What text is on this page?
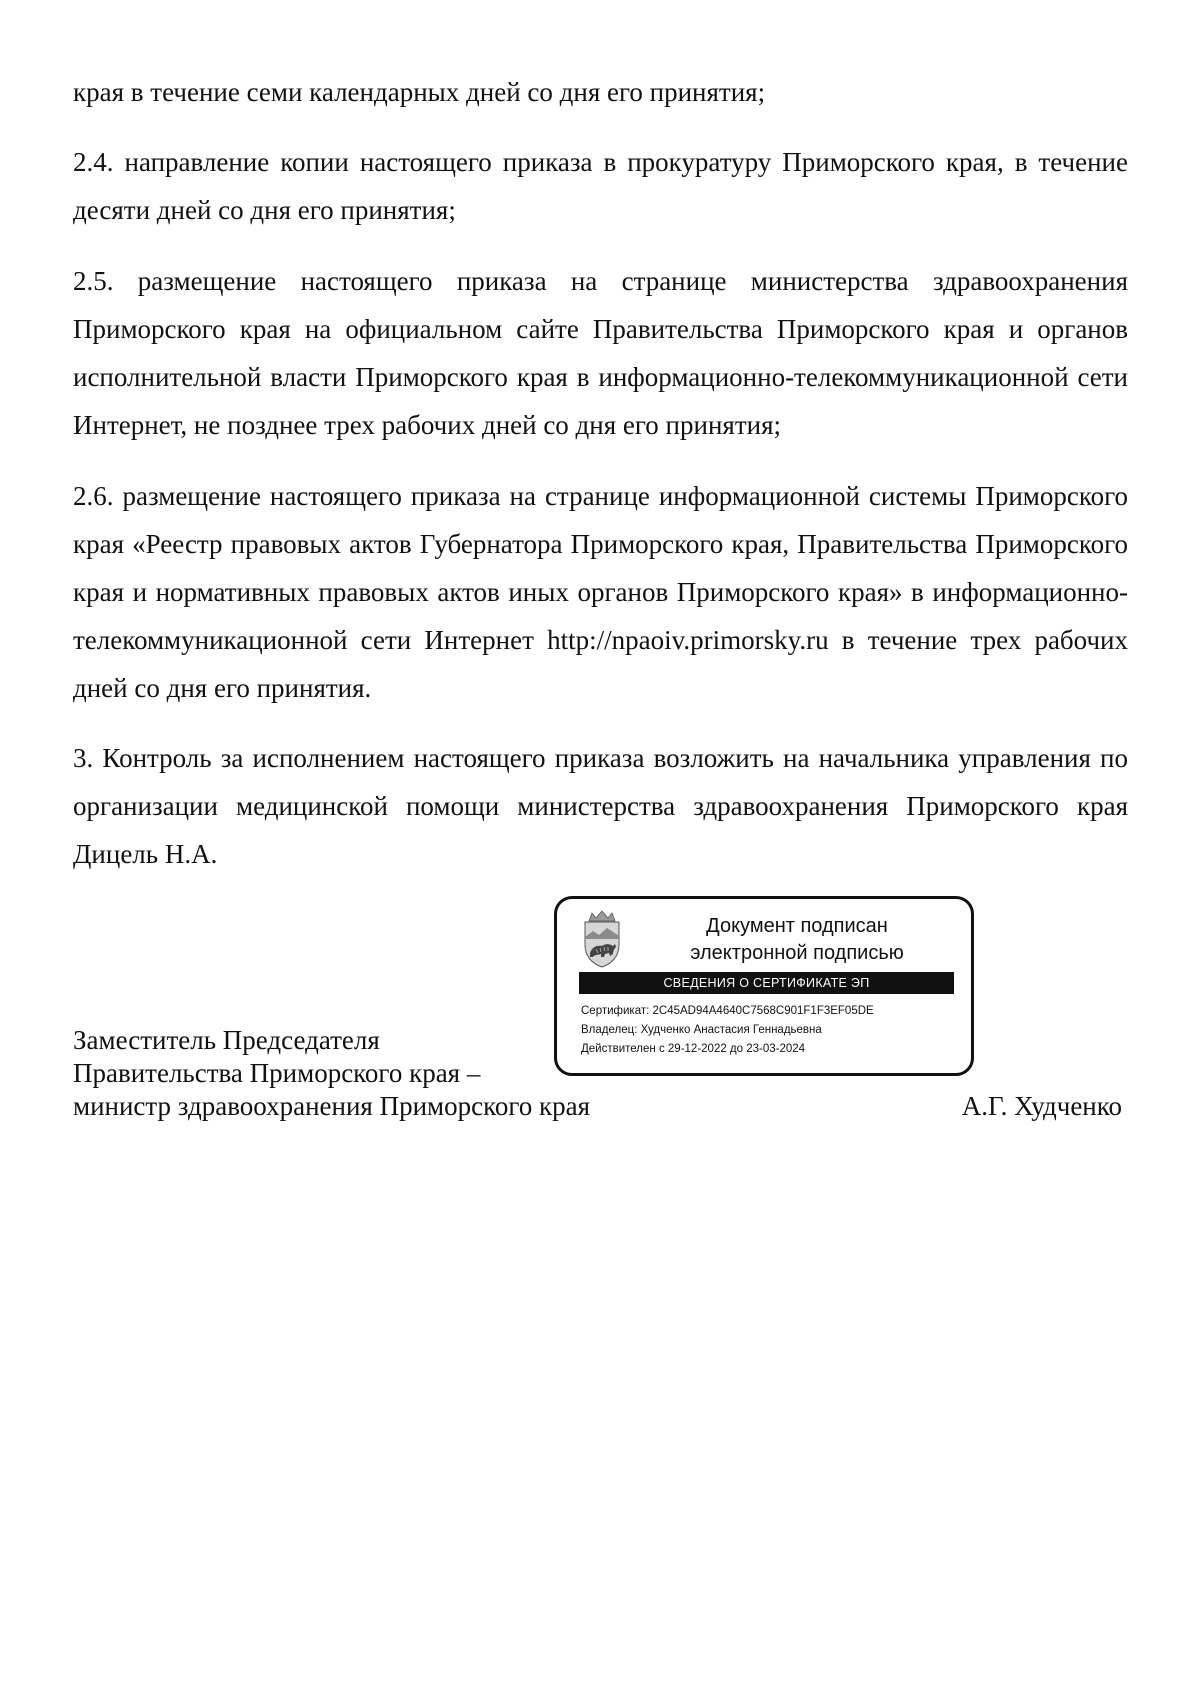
края в течение семи календарных дней со дня его принятия;

2.4. направление копии настоящего приказа в прокуратуру Приморского края, в течение десяти дней со дня его принятия;

2.5. размещение настоящего приказа на странице министерства здравоохранения Приморского края на официальном сайте Правительства Приморского края и органов исполнительной власти Приморского края в информационно-телекоммуникационной сети Интернет, не позднее трех рабочих дней со дня его принятия;

2.6. размещение настоящего приказа на странице информационной системы Приморского края «Реестр правовых актов Губернатора Приморского края, Правительства Приморского края и нормативных правовых актов иных органов Приморского края» в информационно-телекоммуникационной сети Интернет http://npaoiv.primorsky.ru в течение трех рабочих дней со дня его принятия.

3. Контроль за исполнением настоящего приказа возложить на начальника управления по организации медицинской помощи министерства здравоохранения Приморского края Дицель Н.А.

Документ подписан
электронной подписью
СВЕДЕНИЯ О СЕРТИФИКАТЕ ЭП
Сертификат: 2C45AD94A4640C7568C901F1F3EF05DE
Владелец: Худченко Анастасия Геннадьевна
Действителен с 29-12-2022 до 23-03-2024
Заместитель Председателя
Правительства Приморского края –
министр здравоохранения Приморского края	А.Г. Худченко
